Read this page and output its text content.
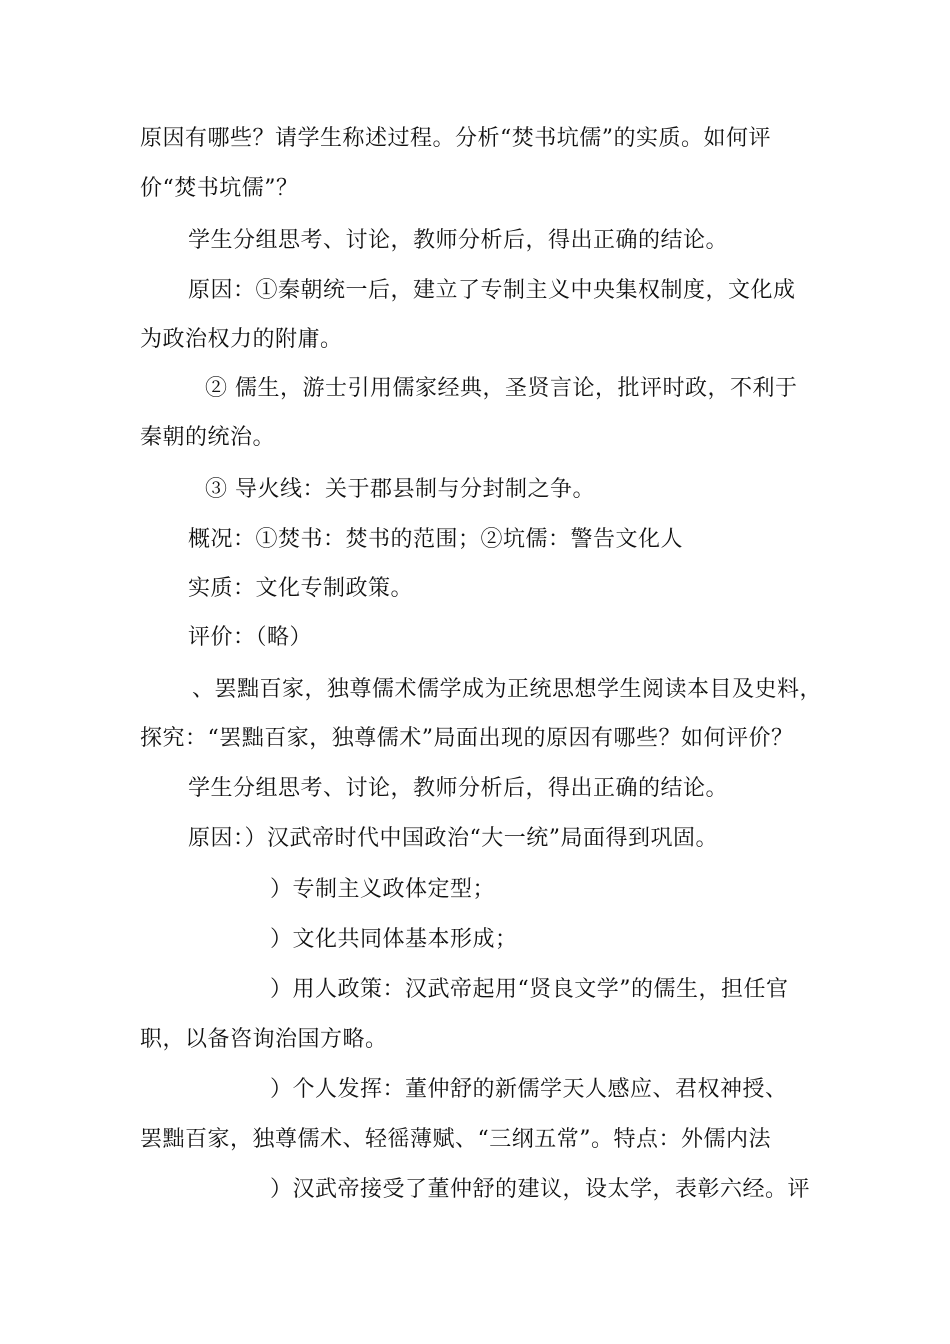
原因有哪些？请学生称述过程。分析“焚书坑儒”的实质。如何评
价“焚书坑儒”？
学生分组思考、讨论，教师分析后，得出正确的结论。
原因：①秦朝统一后，建立了专制主义中央集权制度，文化成
为政治权力的附庸。
② 儒生，游士引用儒家经典，圣贤言论，批评时政，不利于
秦朝的统治。
③ 导火线：关于郡县制与分封制之争。
概况：①焚书：焚书的范围；②坑儒：警告文化人
实质：文化专制政策。
评价：（略）
、罢黜百家，独尊儒术儒学成为正统思想学生阅读本目及史料，
探究：“罢黜百家，独尊儒术”局面出现的原因有哪些？如何评价？
学生分组思考、讨论，教师分析后，得出正确的结论。
原因：）汉武帝时代中国政治“大一统”局面得到巩固。
）专制主义政体定型；
）文化共同体基本形成；
）用人政策：汉武帝起用“贤良文学”的儒生，担任官
职，以备咨询治国方略。
）个人发挥：董仲舒的新儒学天人感应、君权神授、
罢黜百家，独尊儒术、轻徭薄赋、“三纲五常”。特点：外儒内法
）汉武帝接受了董仲舒的建议，设太学，表彰六经。评
